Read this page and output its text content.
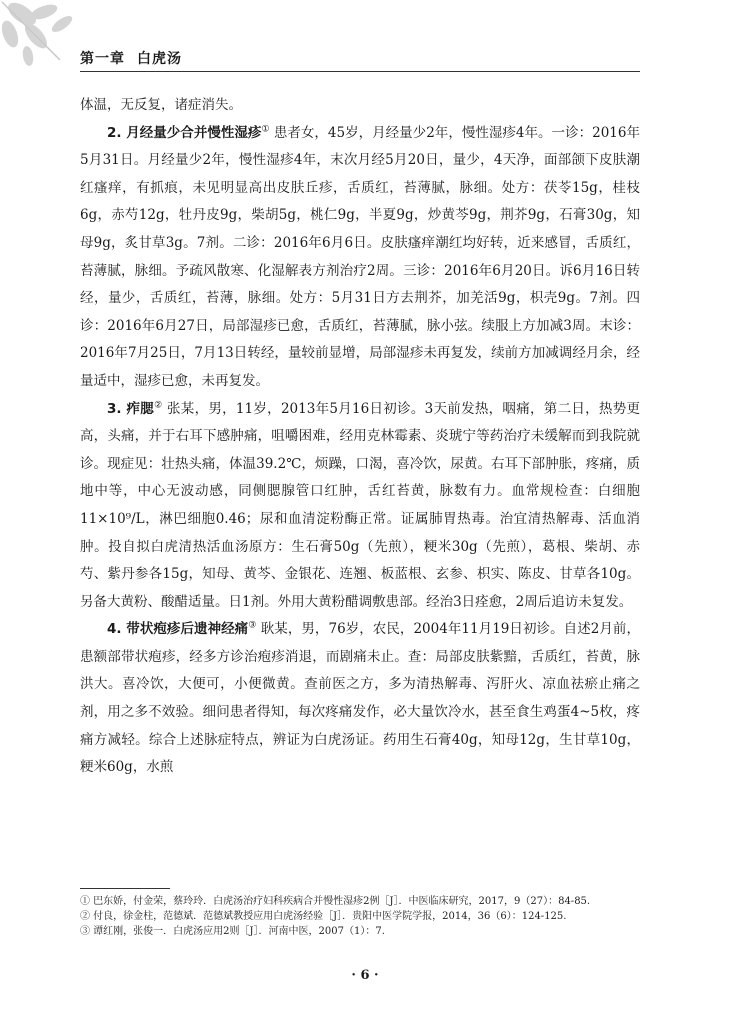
第一章 白虎汤

体温，无反复，诸症消失。

2. 月经量少合并慢性湿疹① 患者女，45岁，月经量少2年，慢性湿疹4年。一诊：2016年5月31日。月经量少2年，慢性湿疹4年，末次月经5月20日，量少，4天净，面部颌下皮肤潮红瘙痒，有抓痕，未见明显高出皮肤丘疹，舌质红，苔薄腻，脉细。处方：茯苓15g，桂枝6g，赤芍12g，牡丹皮9g，柴胡5g，桃仁9g，半夏9g，炒黄芩9g，荆芥9g，石膏30g，知母9g，炙甘草3g。7剂。二诊：2016年6月6日。皮肤瘙痒潮红均好转，近来感冒，舌质红，苔薄腻，脉细。予疏风散寒、化湿解表方剂治疗2周。三诊：2016年6月20日。诉6月16日转经，量少，舌质红，苔薄，脉细。处方：5月31日方去荆芥，加羌活9g，枳壳9g。7剂。四诊：2016年6月27日，局部湿疹已愈，舌质红，苔薄腻，脉小弦。续服上方加减3周。末诊：2016年7月25日，7月13日转经，量较前显增，局部湿疹未再复发，续前方加减调经月余，经量适中，湿疹已愈，未再复发。

3. 痄腮② 张某，男，11岁，2013年5月16日初诊。3天前发热，咽痛，第二日，热势更高，头痛，并于右耳下感肿痛，咀嚼困难，经用克林霉素、炎琥宁等药治疗未缓解而到我院就诊。现症见：壮热头痛，体温39.2℃，烦躁，口渴，喜冷饮，尿黄。右耳下部肿胀，疼痛，质地中等，中心无波动感，同侧腮腺管口红肿，舌红苔黄，脉数有力。血常规检查：白细胞11×10⁹/L，淋巴细胞0.46；尿和血清淀粉酶正常。证属肺胃热毒。治宜清热解毒、活血消肿。投自拟白虎清热活血汤原方：生石膏50g（先煎），粳米30g（先煎），葛根、柴胡、赤芍、紫丹参各15g，知母、黄芩、金银花、连翘、板蓝根、玄参、枳实、陈皮、甘草各10g。另备大黄粉、酸醋适量。日1剂。外用大黄粉醋调敷患部。经治3日痊愈，2周后追访未复发。

4. 带状疱疹后遗神经痛③ 耿某，男，76岁，农民，2004年11月19日初诊。自述2月前，患额部带状疱疹，经多方诊治疱疹消退，而剧痛未止。查：局部皮肤紫黯，舌质红，苔黄，脉洪大。喜冷饮，大便可，小便微黄。查前医之方，多为清热解毒、泻肝火、凉血祛瘀止痛之剂，用之多不效验。细问患者得知，每次疼痛发作，必大量饮冷水，甚至食生鸡蛋4~5枚，疼痛方减轻。综合上述脉症特点，辨证为白虎汤证。药用生石膏40g，知母12g，生甘草10g，粳米60g，水煎

① 巴东娇，付金荣，蔡玲玲．白虎汤治疗妇科疾病合并慢性湿疹2例［J］．中医临床研究，2017，9（27）：84-85.
② 付良，徐金柱，范德斌．范德斌教授应用白虎汤经验［J］．贵阳中医学院学报，2014，36（6）：124-125.
③ 谭红刚，张俊一．白虎汤应用2则［J］．河南中医，2007（1）：7.
· 6 ·
